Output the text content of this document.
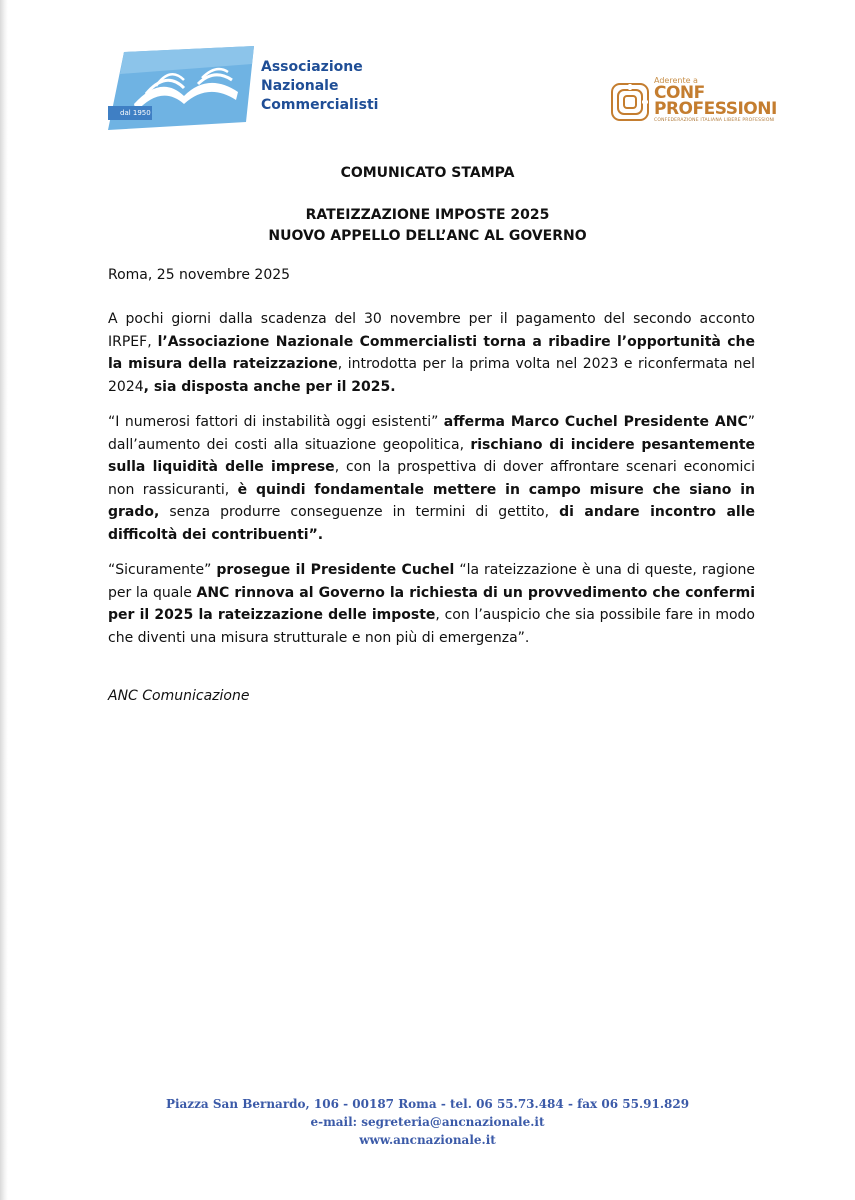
dal 1950
Associazione
Nazionale
Commercialisti
Aderente a
CONF
PROFESSIONI
CONFEDERAZIONE ITALIANA LIBERE PROFESSIONI
COMUNICATO STAMPA
RATEIZZAZIONE IMPOSTE 2025
NUOVO APPELLO DELL’ANC AL GOVERNO
Roma, 25 novembre 2025

A pochi giorni dalla scadenza del 30 novembre per il pagamento del secondo acconto IRPEF, l’Associazione Nazionale Commercialisti torna a ribadire l’opportunità che la misura della rateizzazione, introdotta per la prima volta nel 2023 e riconfermata nel 2024, sia disposta anche per il 2025.

“I numerosi fattori di instabilità oggi esistenti” afferma Marco Cuchel Presidente ANC” dall’aumento dei costi alla situazione geopolitica, rischiano di incidere pesantemente sulla liquidità delle imprese, con la prospettiva di dover affrontare scenari economici non rassicuranti, è quindi fondamentale mettere in campo misure che siano in grado, senza produrre conseguenze in termini di gettito, di andare incontro alle difficoltà dei contribuenti”.

“Sicuramente” prosegue il Presidente Cuchel “la rateizzazione è una di queste, ragione per la quale ANC rinnova al Governo la richiesta di un provvedimento che confermi per il 2025 la rateizzazione delle imposte, con l’auspicio che sia possibile fare in modo che diventi una misura strutturale e non più di emergenza”.

ANC Comunicazione
Piazza San Bernardo, 106 - 00187 Roma - tel. 06 55.73.484 - fax 06 55.91.829
e-mail: segreteria@ancnazionale.it
www.ancnazionale.it
